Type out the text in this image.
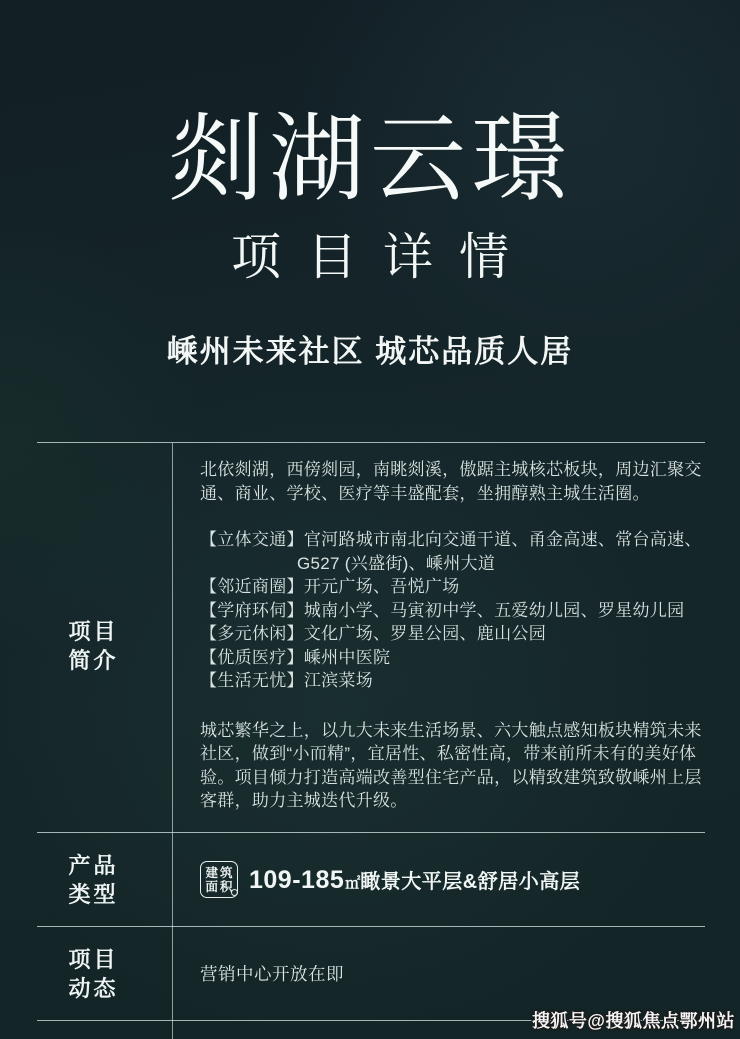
剡湖云璟
项目详情
嵊州未来社区 城芯品质人居
项目
简介

北依剡湖，西傍剡园，南眺剡溪，傲踞主城核芯板块，周边汇聚交通、商业、学校、医疗等丰盛配套，坐拥醇熟主城生活圈。

【立体交通】官河路城市南北向交通干道、甬金高速、常台高速、G527 (兴盛街)、嵊州大道
【邻近商圈】开元广场、吾悦广场
【学府环伺】城南小学、马寅初中学、五爱幼儿园、罗星幼儿园
【多元休闲】文化广场、罗星公园、鹿山公园
【优质医疗】嵊州中医院
【生活无忧】江滨菜场

城芯繁华之上，以九大未来生活场景、六大触点感知板块精筑未来社区，做到“小而精”，宜居性、私密性高，带来前所未有的美好体验。项目倾力打造高端改善型住宅产品，以精致建筑致敬嵊州上层客群，助力主城迭代升级。

产品
类型
建筑
面积 109-185 ㎡ 瞰景大平层&舒居小高层
项目
动态
营销中心开放在即
搜狐号@搜狐焦点鄂州站
